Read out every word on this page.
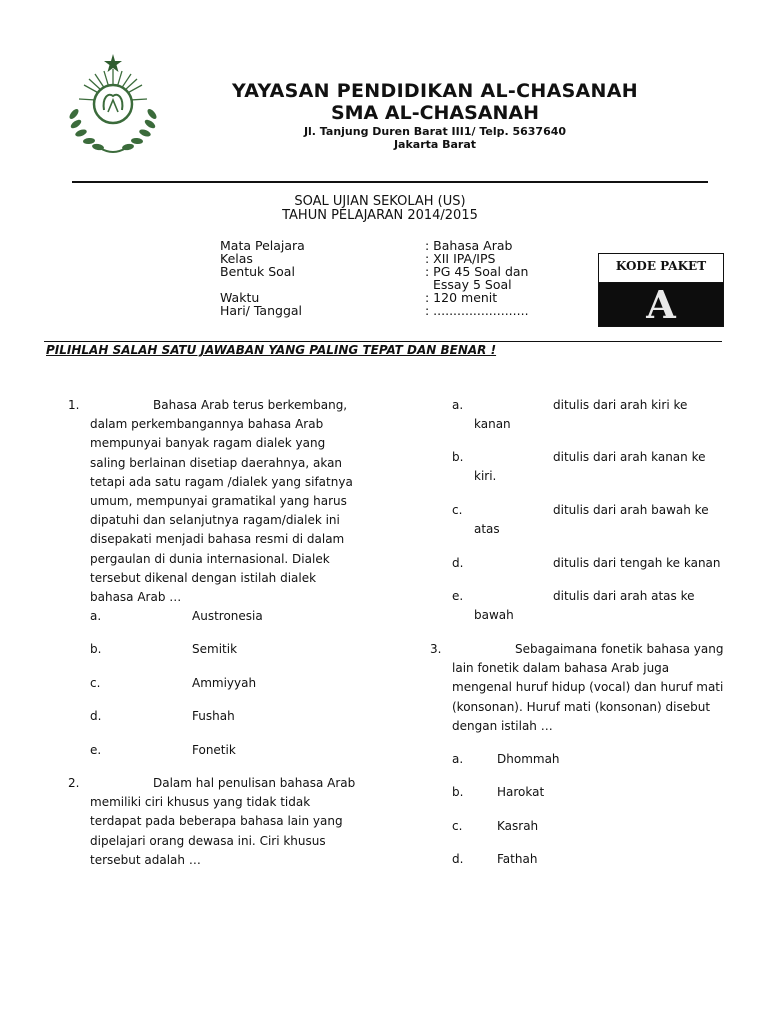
YAYASAN PENDIDIKAN AL-CHASANAH
SMA AL-CHASANAH
Jl. Tanjung Duren Barat III1/ Telp. 5637640
Jakarta Barat
SOAL UJIAN SEKOLAH (US)
TAHUN PELAJARAN 2014/2015
Mata Pelajara	: Bahasa Arab
Kelas	: XII IPA/IPS
Bentuk Soal	: PG 45 Soal dan
Essay 5 Soal
Waktu	: 120 menit
Hari/ Tanggal	: ........................
KODE PAKET
A
PILIHLAH SALAH SATU JAWABAN YANG PALING TEPAT DAN BENAR !
1.	Bahasa Arab terus berkembang, dalam perkembangannya bahasa Arab mempunyai banyak ragam dialek yang saling berlainan disetiap daerahnya, akan tetapi ada satu ragam /dialek yang sifatnya umum, mempunyai gramatikal yang harus dipatuhi dan selanjutnya ragam/dialek ini disepakati menjadi bahasa resmi di dalam pergaulan di dunia internasional. Dialek tersebut dikenal dengan istilah dialek bahasa Arab …
a.	Austronesia
b.	Semitik
c.	Ammiyyah
d.	Fushah
e.	Fonetik
2.	Dalam hal penulisan bahasa Arab memiliki ciri khusus yang tidak tidak terdapat pada beberapa bahasa lain yang dipelajari orang dewasa ini. Ciri khusus tersebut adalah …
a.	ditulis dari arah kiri ke
kanan
b.	ditulis dari arah kanan ke
kiri.
c.	ditulis dari arah bawah ke
atas
d.	ditulis dari tengah ke kanan
e.	ditulis dari arah atas ke
bawah
3.	Sebagaimana fonetik bahasa yang lain fonetik dalam bahasa Arab juga mengenal huruf hidup (vocal) dan huruf mati (konsonan). Huruf mati (konsonan) disebut dengan istilah …
a.	Dhommah
b.	Harokat
c.	Kasrah
d.	Fathah
